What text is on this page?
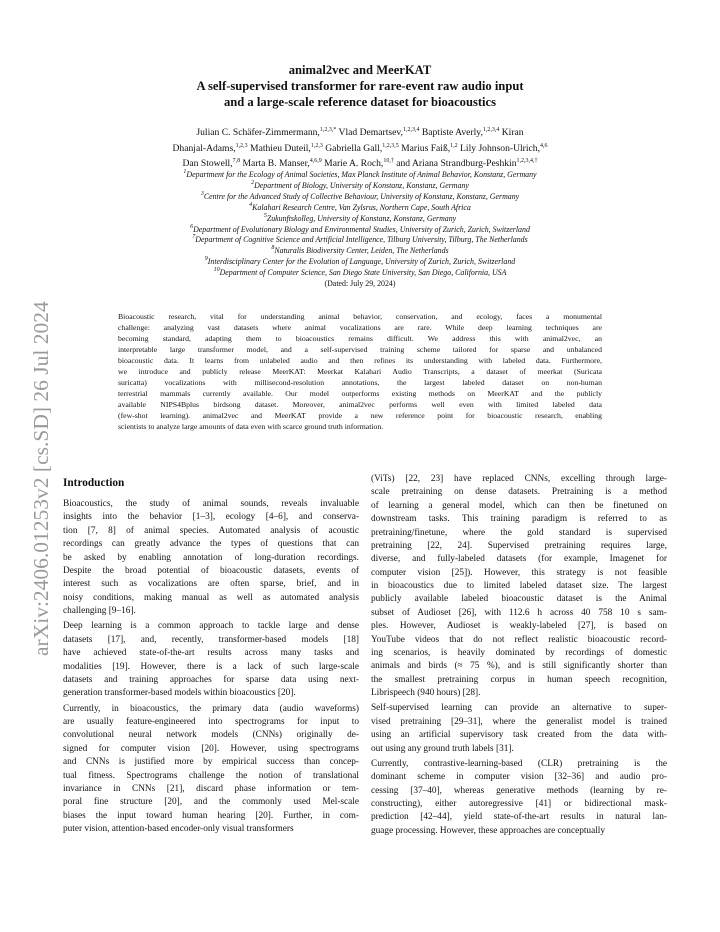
arXiv:2406.01253v2 [cs.SD] 26 Jul 2024
animal2vec and MeerKAT
A self-supervised transformer for rare-event raw audio input
and a large-scale reference dataset for bioacoustics
Julian C. Schäfer-Zimmermann,$^{1,2,3,*}$ Vlad Demartsev,$^{1,2,3,4}$ Baptiste Averly,$^{1,2,3,4}$ Kiran
Dhanjal-Adams,$^{1,2,3}$ Mathieu Duteil,$^{1,2,3}$ Gabriella Gall,$^{1,2,3,5}$ Marius Faiß,$^{1,2}$ Lily Johnson-Ulrich,$^{4,6}$
Dan Stowell,$^{7,8}$ Marta B. Manser,$^{4,6,9}$ Marie A. Roch,$^{10,\dagger}$ and Ariana Strandburg-Peshkin$^{1,2,3,4,\dagger}$
$^1$Department for the Ecology of Animal Societies, Max Planck Institute of Animal Behavior, Konstanz, Germany
$^2$Department of Biology, University of Konstanz, Konstanz, Germany
$^3$Centre for the Advanced Study of Collective Behaviour, University of Konstanz, Konstanz, Germany
$^4$Kalahari Research Centre, Van Zylsrus, Northern Cape, South Africa
$^5$Zukunftskolleg, University of Konstanz, Konstanz, Germany
$^6$Department of Evolutionary Biology and Environmental Studies, University of Zurich, Zurich, Switzerland
$^7$Department of Cognitive Science and Artificial Intelligence, Tilburg University, Tilburg, The Netherlands
$^8$Naturalis Biodiversity Center, Leiden, The Netherlands
$^9$Interdisciplinary Center for the Evolution of Language, University of Zurich, Zurich, Switzerland
$^{10}$Department of Computer Science, San Diego State University, San Diego, California, USA
(Dated: July 29, 2024)
Bioacoustic research, vital for understanding animal behavior, conservation, and ecology, faces a monumental
challenge: analyzing vast datasets where animal vocalizations are rare. While deep learning techniques are
becoming standard, adapting them to bioacoustics remains difficult. We address this with animal2vec, an
interpretable large transformer model, and a self-supervised training scheme tailored for sparse and unbalanced
bioacoustic data. It learns from unlabeled audio and then refines its understanding with labeled data. Furthermore,
we introduce and publicly release MeerKAT: Meerkat Kalahari Audio Transcripts, a dataset of meerkat (Suricata
suricatta) vocalizations with millisecond-resolution annotations, the largest labeled dataset on non-human
terrestrial mammals currently available. Our model outperforms existing methods on MeerKAT and the publicly
available NIPS4Bplus birdsong dataset. Moreover, animal2vec performs well even with limited labeled data
(few-shot learning). animal2vec and MeerKAT provide a new reference point for bioacoustic research, enabling
scientists to analyze large amounts of data even with scarce ground truth information.
Introduction
Bioacoustics, the study of animal sounds, reveals invaluable
insights into the behavior [1–3], ecology [4–6], and conserva-
tion [7, 8] of animal species. Automated analysis of acoustic
recordings can greatly advance the types of questions that can
be asked by enabling annotation of long-duration recordings.
Despite the broad potential of bioacoustic datasets, events of
interest such as vocalizations are often sparse, brief, and in
noisy conditions, making manual as well as automated analysis
challenging [9–16].
Deep learning is a common approach to tackle large and dense
datasets [17], and, recently, transformer-based models [18]
have achieved state-of-the-art results across many tasks and
modalities [19]. However, there is a lack of such large-scale
datasets and training approaches for sparse data using next-
generation transformer-based models within bioacoustics [20].
Currently, in bioacoustics, the primary data (audio waveforms)
are usually feature-engineered into spectrograms for input to
convolutional neural network models (CNNs) originally de-
signed for computer vision [20]. However, using spectrograms
and CNNs is justified more by empirical success than concep-
tual fitness. Spectrograms challenge the notion of translational
invariance in CNNs [21], discard phase information or tem-
poral fine structure [20], and the commonly used Mel-scale
biases the input toward human hearing [20]. Further, in com-
puter vision, attention-based encoder-only visual transformers
(ViTs) [22, 23] have replaced CNNs, excelling through large-
scale pretraining on dense datasets. Pretraining is a method
of learning a general model, which can then be finetuned on
downstream tasks. This training paradigm is referred to as
pretraining/finetune, where the gold standard is supervised
pretraining [22, 24]. Supervised pretraining requires large,
diverse, and fully-labeled datasets (for example, Imagenet for
computer vision [25]). However, this strategy is not feasible
in bioacoustics due to limited labeled dataset size. The largest
publicly available labeled bioacoustic dataset is the Animal
subset of Audioset [26], with 112.6 h across 40 758 10 s sam-
ples. However, Audioset is weakly-labeled [27], is based on
YouTube videos that do not reflect realistic bioacoustic record-
ing scenarios, is heavily dominated by recordings of domestic
animals and birds (≈ 75 %), and is still significantly shorter than
the smallest pretraining corpus in human speech recognition,
Librispeech (940 hours) [28].
Self-supervised learning can provide an alternative to super-
vised pretraining [29–31], where the generalist model is trained
using an artificial supervisory task created from the data with-
out using any ground truth labels [31].
Currently, contrastive-learning-based (CLR) pretraining is the
dominant scheme in computer vision [32–36] and audio pro-
cessing [37–40], whereas generative methods (learning by re-
constructing), either autoregressive [41] or bidirectional mask-
prediction [42–44], yield state-of-the-art results in natural lan-
guage processing. However, these approaches are conceptually
